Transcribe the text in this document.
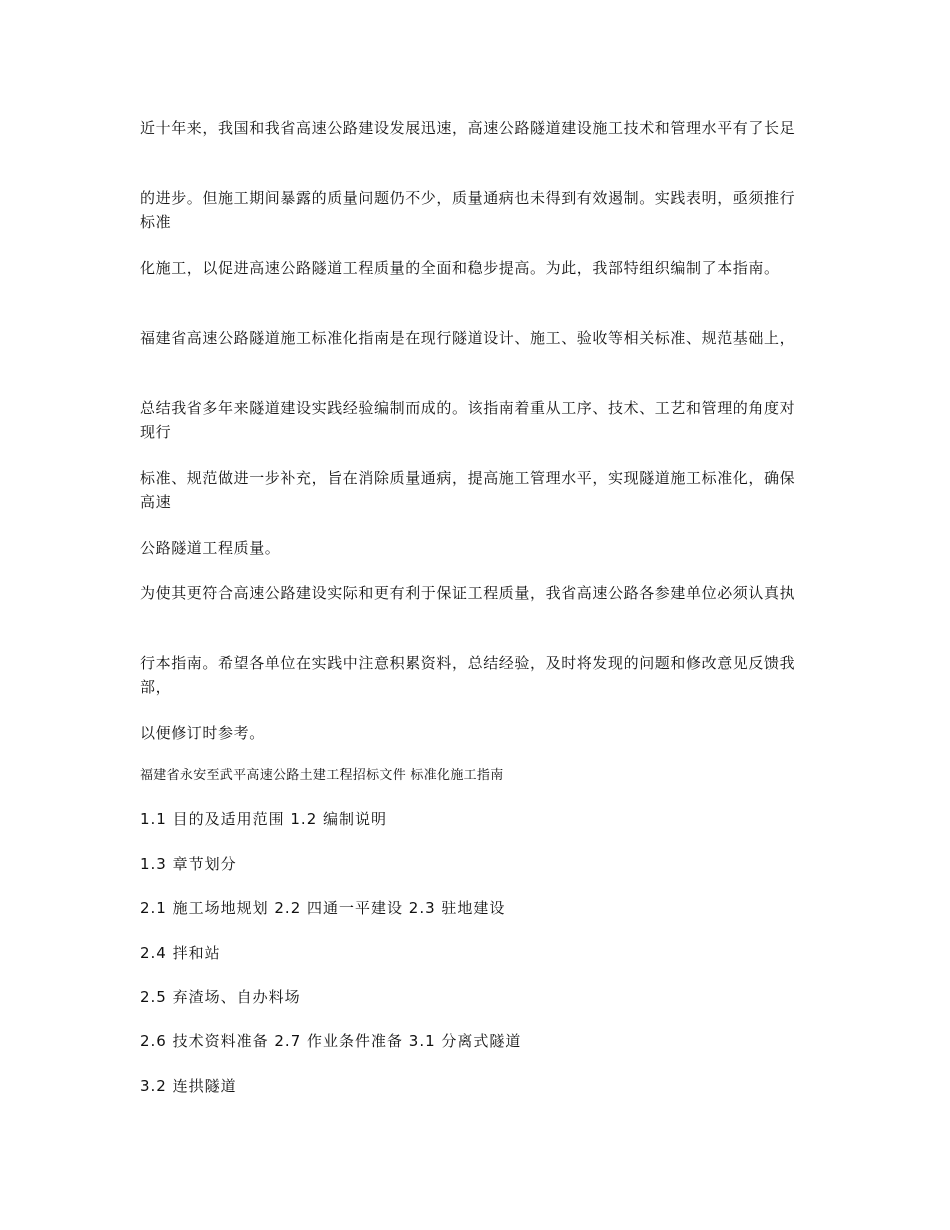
近十年来，我国和我省高速公路建设发展迅速，高速公路隧道建设施工技术和管理水平有了长足

的进步。但施工期间暴露的质量问题仍不少，质量通病也未得到有效遏制。实践表明，亟须推行标准

化施工，以促进高速公路隧道工程质量的全面和稳步提高。为此，我部特组织编制了本指南。

福建省高速公路隧道施工标准化指南是在现行隧道设计、施工、验收等相关标准、规范基础上，

总结我省多年来隧道建设实践经验编制而成的。该指南着重从工序、技术、工艺和管理的角度对现行

标准、规范做进一步补充，旨在消除质量通病，提高施工管理水平，实现隧道施工标准化，确保高速

公路隧道工程质量。

为使其更符合高速公路建设实际和更有利于保证工程质量，我省高速公路各参建单位必须认真执

行本指南。希望各单位在实践中注意积累资料，总结经验，及时将发现的问题和修改意见反馈我部，

以便修订时参考。

福建省永安至武平高速公路土建工程招标文件 标准化施工指南

1.1 目的及适用范围 1.2 编制说明

1.3 章节划分

2.1 施工场地规划 2.2 四通一平建设 2.3 驻地建设

2.4 拌和站

2.5 弃渣场、自办料场

2.6 技术资料准备 2.7 作业条件准备 3.1 分离式隧道

3.2 连拱隧道
